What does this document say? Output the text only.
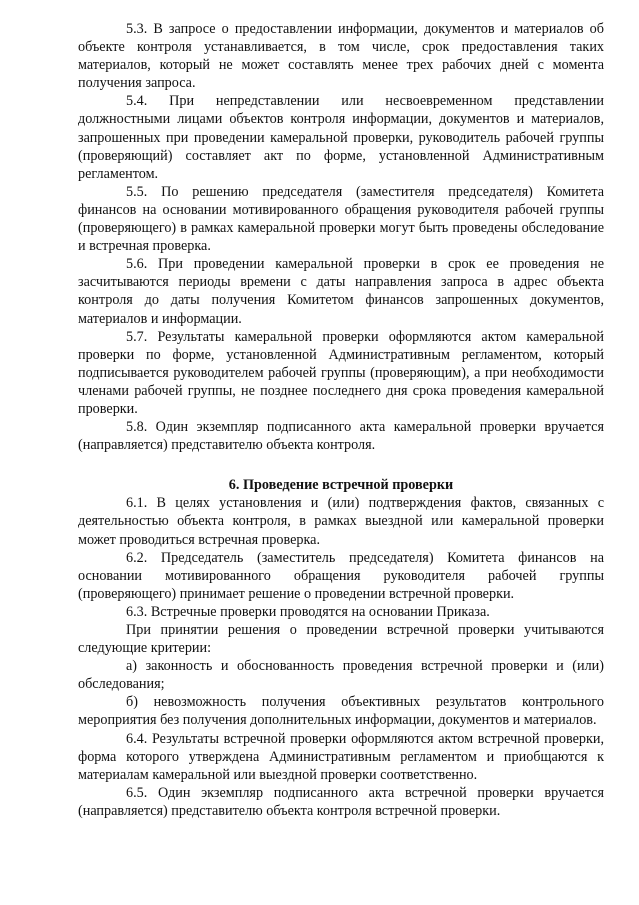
5.3. В запросе о предоставлении информации, документов и материалов об объекте контроля устанавливается, в том числе, срок предоставления таких материалов, который не может составлять менее трех рабочих дней с момента получения запроса.

5.4. При непредставлении или несвоевременном представлении должностными лицами объектов контроля информации, документов и материалов, запрошенных при проведении камеральной проверки, руководитель рабочей группы (проверяющий) составляет акт по форме, установленной Административным регламентом.

5.5. По решению председателя (заместителя председателя) Комитета финансов на основании мотивированного обращения руководителя рабочей группы (проверяющего) в рамках камеральной проверки могут быть проведены обследование и встречная проверка.

5.6. При проведении камеральной проверки в срок ее проведения не засчитываются периоды времени с даты направления запроса в адрес объекта контроля до даты получения Комитетом финансов запрошенных документов, материалов и информации.

5.7. Результаты камеральной проверки оформляются актом камеральной проверки по форме, установленной Административным регламентом, который подписывается руководителем рабочей группы (проверяющим), а при необходимости членами рабочей группы, не позднее последнего дня срока проведения камеральной проверки.

5.8. Один экземпляр подписанного акта камеральной проверки вручается (направляется) представителю объекта контроля.

6. Проведение встречной проверки

6.1. В целях установления и (или) подтверждения фактов, связанных с деятельностью объекта контроля, в рамках выездной или камеральной проверки может проводиться встречная проверка.

6.2. Председатель (заместитель председателя) Комитета финансов на основании мотивированного обращения руководителя рабочей группы (проверяющего) принимает решение о проведении встречной проверки.

6.3. Встречные проверки проводятся на основании Приказа.

При принятии решения о проведении встречной проверки учитываются следующие критерии:

а) законность и обоснованность проведения встречной проверки и (или) обследования;

б) невозможность получения объективных результатов контрольного мероприятия без получения дополнительных информации, документов и материалов.

6.4. Результаты встречной проверки оформляются актом встречной проверки, форма которого утверждена Административным регламентом и приобщаются к материалам камеральной или выездной проверки соответственно.

6.5. Один экземпляр подписанного акта встречной проверки вручается (направляется) представителю объекта контроля встречной проверки.
